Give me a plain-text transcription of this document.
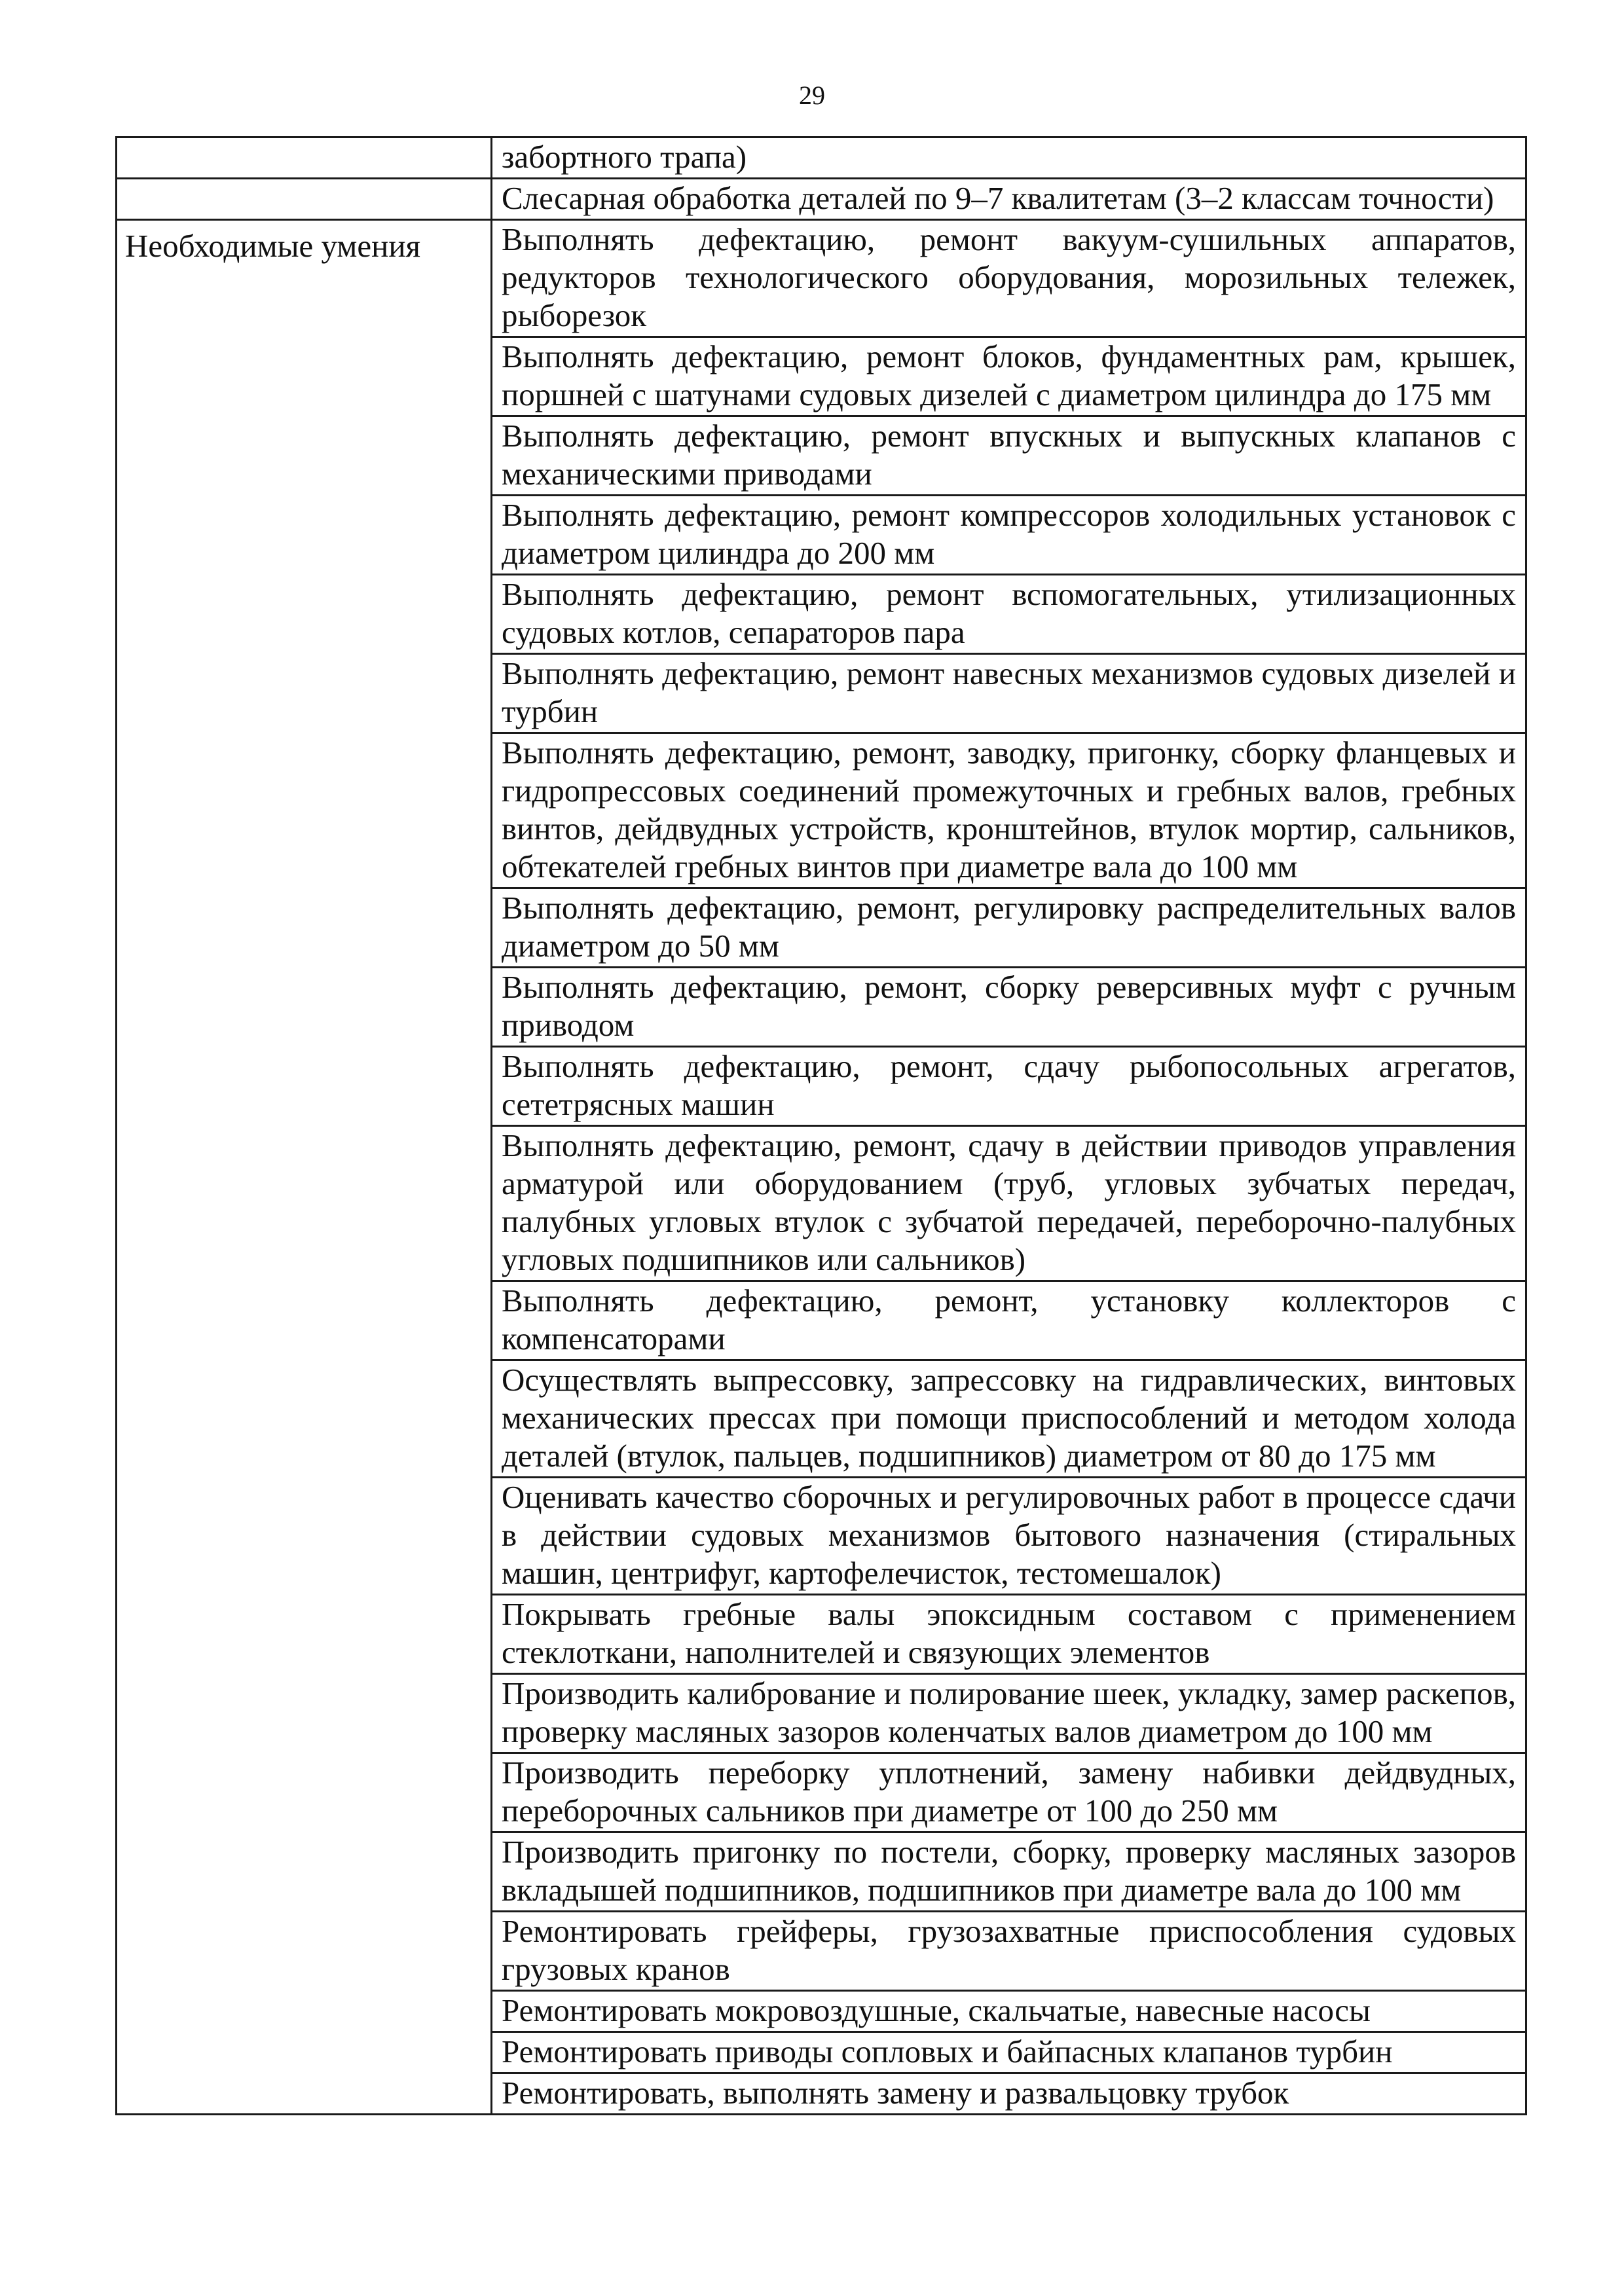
29
	забортного трапа)
	Слесарная обработка деталей по 9–7 квалитетам (3–2 классам точности)
Необходимые умения	Выполнять дефектацию, ремонт вакуум-сушильных аппаратов, редукторов технологического оборудования, морозильных тележек, рыборезок
	Выполнять дефектацию, ремонт блоков, фундаментных рам, крышек, поршней с шатунами судовых дизелей с диаметром цилиндра до 175 мм
	Выполнять дефектацию, ремонт впускных и выпускных клапанов с механическими приводами
	Выполнять дефектацию, ремонт компрессоров холодильных установок с диаметром цилиндра до 200 мм
	Выполнять дефектацию, ремонт вспомогательных, утилизационных судовых котлов, сепараторов пара
	Выполнять дефектацию, ремонт навесных механизмов судовых дизелей и турбин
	Выполнять дефектацию, ремонт, заводку, пригонку, сборку фланцевых и гидропрессовых соединений промежуточных и гребных валов, гребных винтов, дейдвудных устройств, кронштейнов, втулок мортир, сальников, обтекателей гребных винтов при диаметре вала до 100 мм
	Выполнять дефектацию, ремонт, регулировку распределительных валов диаметром до 50 мм
	Выполнять дефектацию, ремонт, сборку реверсивных муфт с ручным приводом
	Выполнять дефектацию, ремонт, сдачу рыбопосольных агрегатов, сететрясных машин
	Выполнять дефектацию, ремонт, сдачу в действии приводов управления арматурой или оборудованием (труб, угловых зубчатых передач, палубных угловых втулок с зубчатой передачей, переборочно-палубных угловых подшипников или сальников)
	Выполнять дефектацию, ремонт, установку коллекторов с компенсаторами
	Осуществлять выпрессовку, запрессовку на гидравлических, винтовых механических прессах при помощи приспособлений и методом холода деталей (втулок, пальцев, подшипников) диаметром от 80 до 175 мм
	Оценивать качество сборочных и регулировочных работ в процессе сдачи в действии судовых механизмов бытового назначения (стиральных машин, центрифуг, картофелечисток, тестомешалок)
	Покрывать гребные валы эпоксидным составом с применением стеклоткани, наполнителей и связующих элементов
	Производить калибрование и полирование шеек, укладку, замер раскепов, проверку масляных зазоров коленчатых валов диаметром до 100 мм
	Производить переборку уплотнений, замену набивки дейдвудных, переборочных сальников при диаметре от 100 до 250 мм
	Производить пригонку по постели, сборку, проверку масляных зазоров вкладышей подшипников, подшипников при диаметре вала до 100 мм
	Ремонтировать грейферы, грузозахватные приспособления судовых грузовых кранов
	Ремонтировать мокровоздушные, скальчатые, навесные насосы
	Ремонтировать приводы сопловых и байпасных клапанов турбин
	Ремонтировать, выполнять замену и развальцовку трубок
